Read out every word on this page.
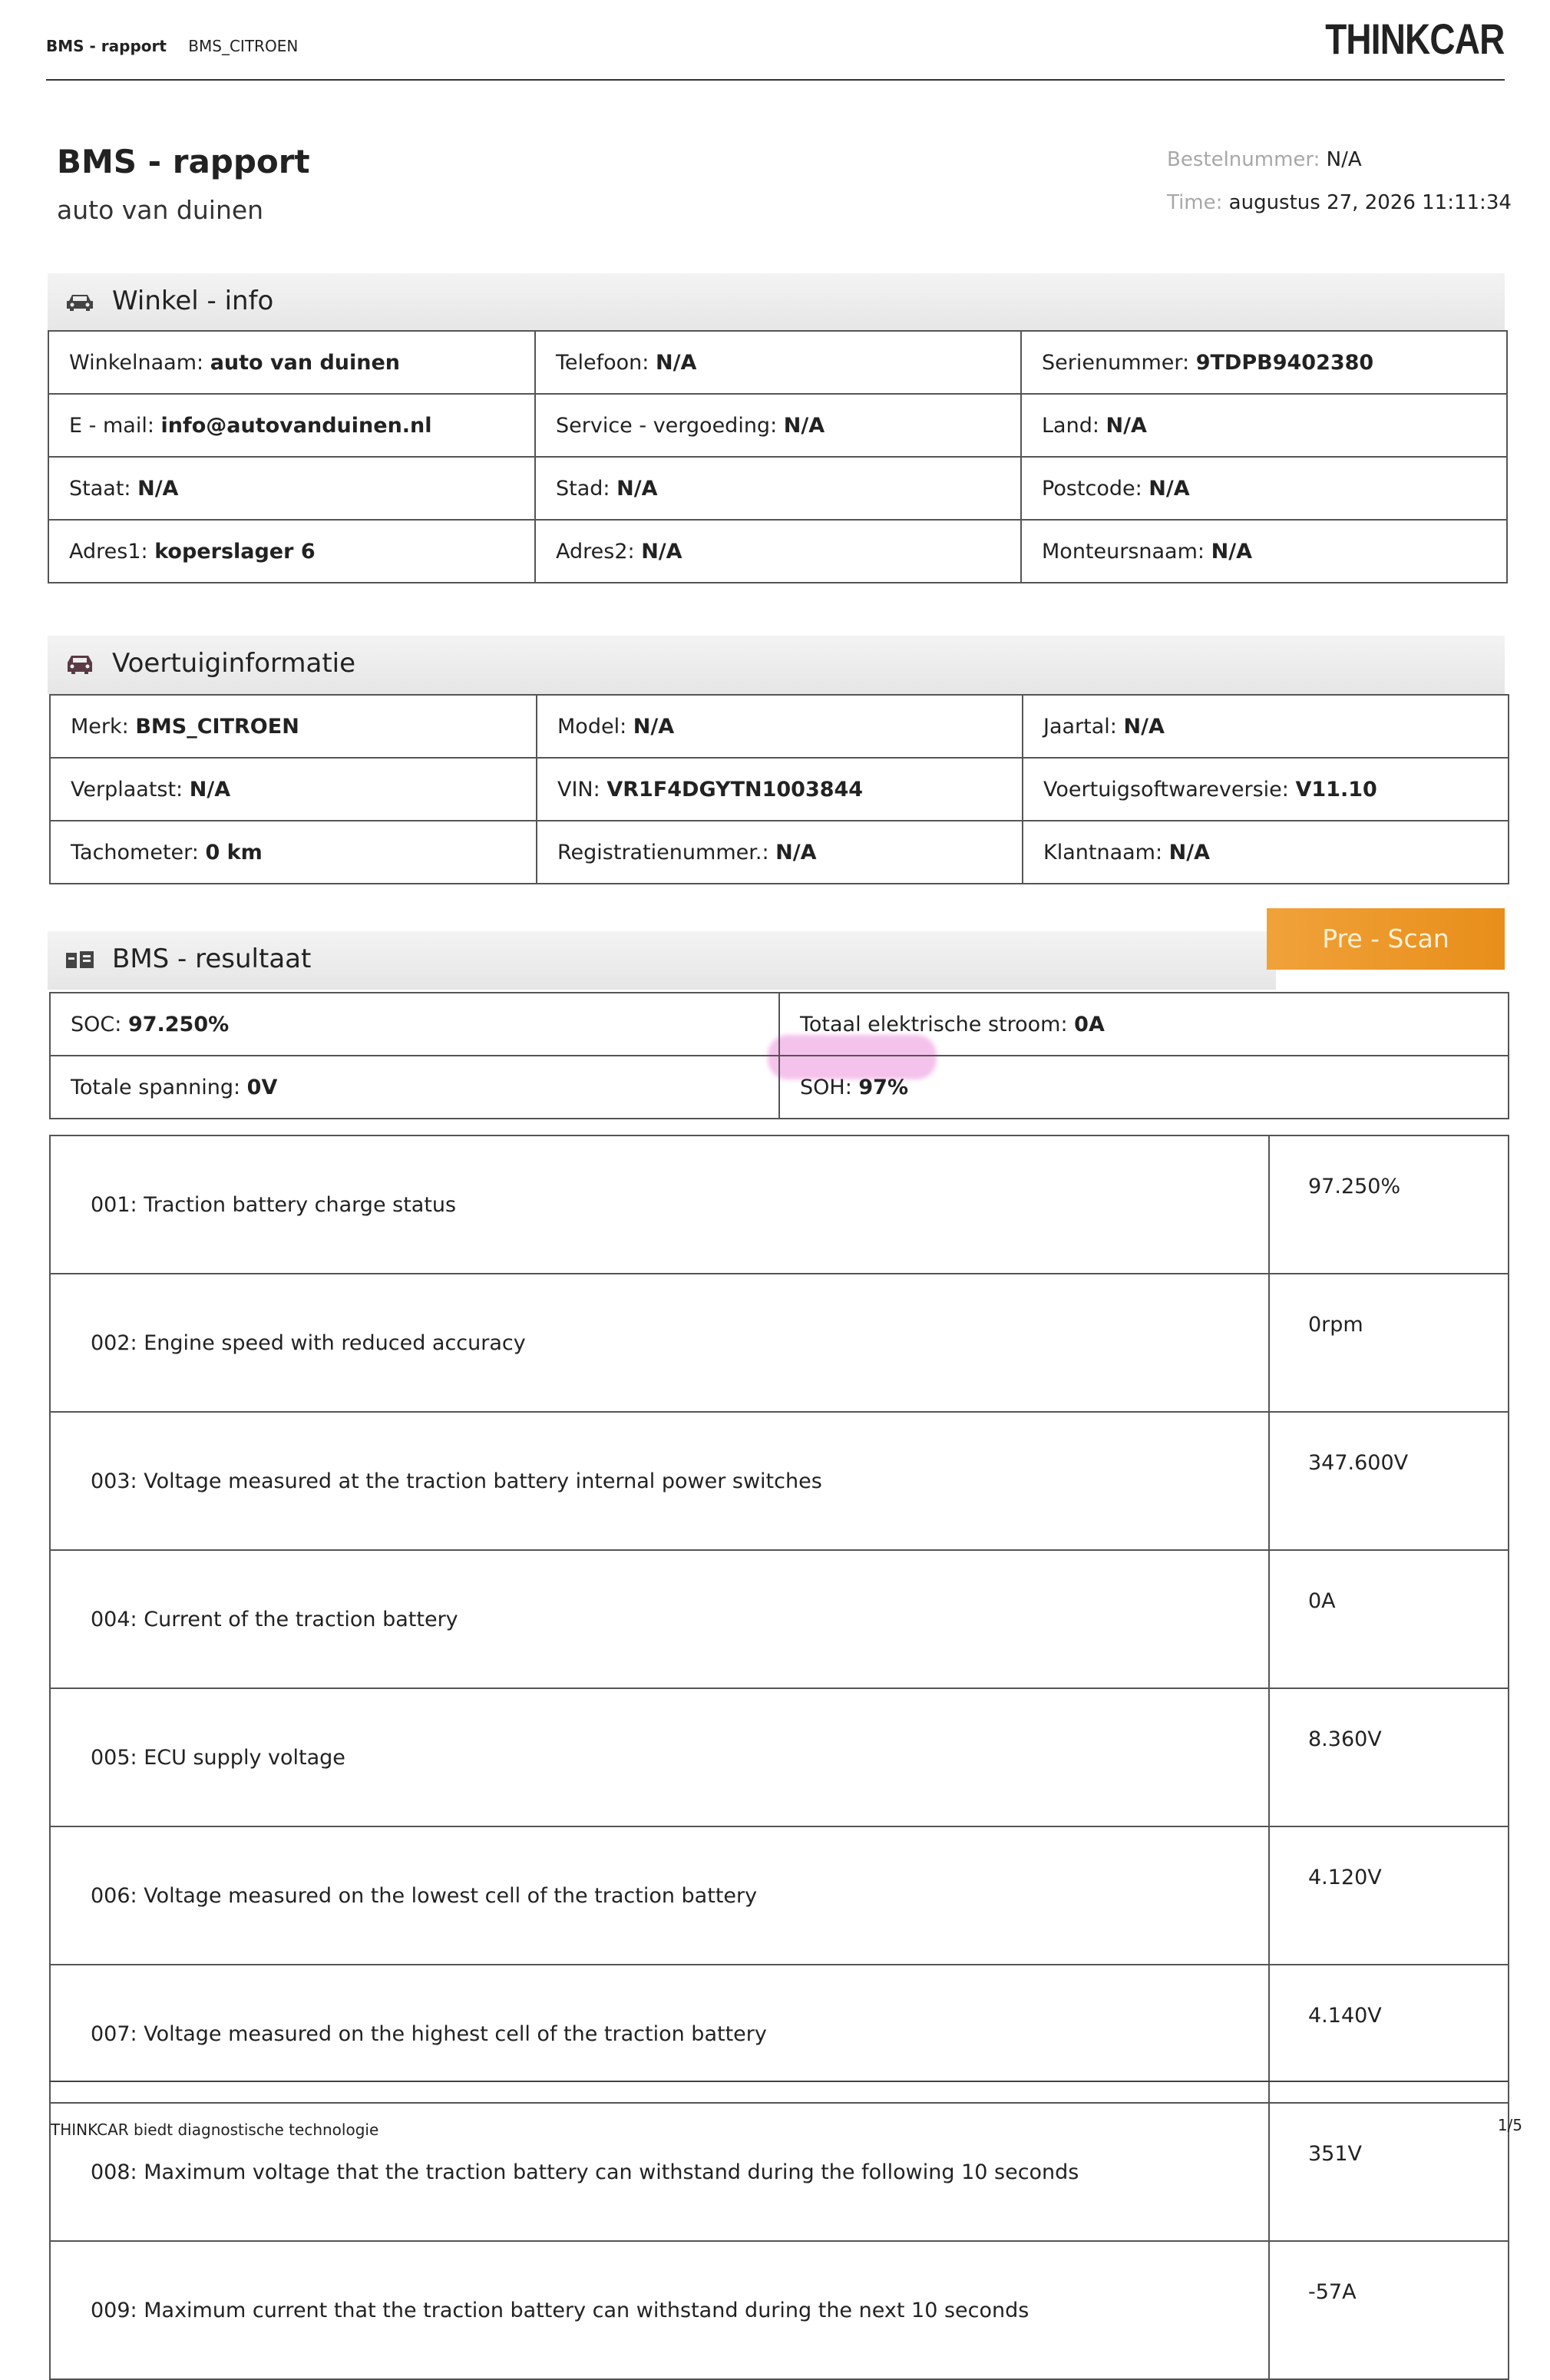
BMS - rapport BMS_CITROEN	THINKCAR
BMS - rapport
auto van duinen
Bestelnummer: N/A
Time: augustus 27, 2026 11:11:34
Winkel - info
Winkelnaam: auto van duinen	Telefoon: N/A	Serienummer: 9TDPB9402380
E - mail: info@autovanduinen.nl	Service - vergoeding: N/A	Land: N/A
Staat: N/A	Stad: N/A	Postcode: N/A
Adres1: koperslager 6	Adres2: N/A	Monteursnaam: N/A
Voertuiginformatie
Merk: BMS_CITROEN	Model: N/A	Jaartal: N/A
Verplaatst: N/A	VIN: VR1F4DGYTN1003844	Voertuigsoftwareversie: V11.10
Tachometer: 0 km	Registratienummer.: N/A	Klantnaam: N/A
BMS - resultaat
Pre - Scan
SOC: 97.250%	Totaal elektrische stroom: 0A
Totale spanning: 0V	SOH: 97%
001: Traction battery charge status	97.250%
002: Engine speed with reduced accuracy	0rpm
003: Voltage measured at the traction battery internal power switches	347.600V
004: Current of the traction battery	0A
005: ECU supply voltage	8.360V
006: Voltage measured on the lowest cell of the traction battery	4.120V
007: Voltage measured on the highest cell of the traction battery	4.140V
008: Maximum voltage that the traction battery can withstand during the following 10 seconds	351V
009: Maximum current that the traction battery can withstand during the next 10 seconds	-57A
THINKCAR biedt diagnostische technologie	1/5
